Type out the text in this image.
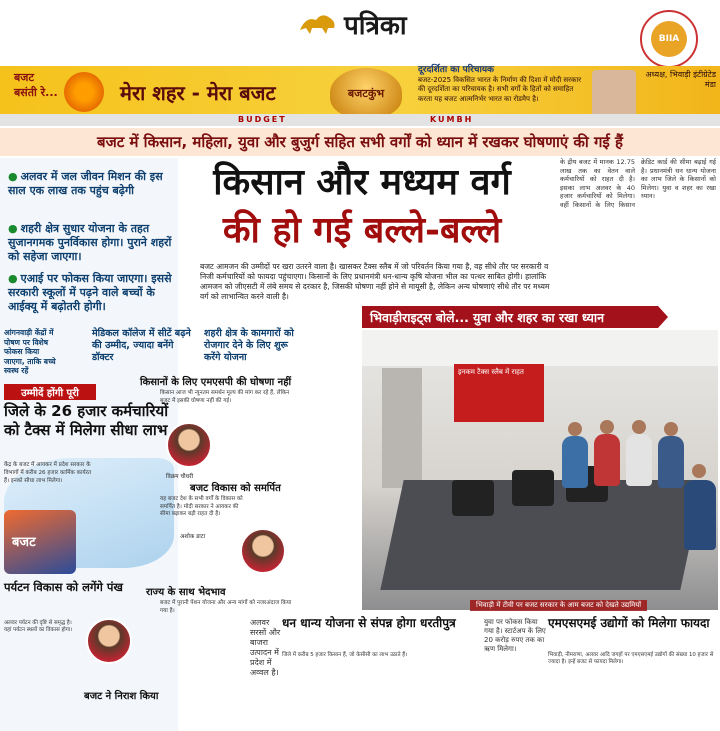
पत्रिका	BIIA
बजट
बसंती रे...	मेरा शहर - मेरा बजट	बजटकुंभ
दूरदर्शिता का परिचायक
बजट-2025 विकसित भारत के निर्माण की दिशा में मोदी सरकार की दूरदर्शिता का परिचायक है। सभी वर्गों के हितों को समाहित करता यह बजट आत्मनिर्भर भारत का रोडमैप है।
अध्यक्ष, भिवाड़ी इंटीग्रेटेड मंडा
BUDGET	KUMBH
बजट में किसान, महिला, युवा और बुजुर्ग सहित सभी वर्गों को ध्यान में रखकर घोषणाएं की गई हैं
● अलवर में जल जीवन मिशन की इस साल एक लाख तक पहुंच बढ़ेगी
● शहरी क्षेत्र सुधार योजना के तहत सुजानगमक पुनर्विकास होगा। पुराने शहरों को सहेजा जाएगा।
● एआई पर फोकस किया जाएगा। इससे सरकारी स्कूलों में पढ़ने वाले बच्चों के आईक्यू में बढ़ोतरी होगी।
किसान और मध्यम वर्ग
की हो गई बल्ले-बल्ले
बजट आमजन की उम्मीदों पर खरा उतरने वाला है। खासकर टैक्स स्लैब में जो परिवर्तन किया गया है, वह सीधे तौर पर सरकारी व निजी कर्मचारियों को फायदा पहुंचाएगा। किसानों के लिए प्रधानमंत्री धन-धान्य कृषि योजना भील का पत्थर साबित होगी। हालांकि आमजन को जीएसटी में लंबे समय से दरकार है, जिसकी घोषणा नहीं होने से मायूसी है, लेकिन अन्य घोषणाएं सीधे तौर पर मध्यम वर्ग को लाभान्वित करने वाली है।
के द्रीय बजट में मानक 12.75 लाख तक का वेतन वाले कर्मचारियों को राहत दी है। इसका लाभ अलवर के 40 हजार कर्मचारियों को मिलेगा। वहीं किसानों के लिए किसान क्रेडिट कार्ड की सीमा बढ़ाई गई है। प्रधानमंत्री धन धान्य योजना का लाभ जिले के किसानों को मिलेगा। युवा व शहर का रखा ध्यान।
भिवाड़ीराइट्स बोले... युवा और शहर का रखा ध्यान
आंगनवाड़ी केंद्रों में पोषण पर विशेष फोकस किया जाएगा, ताकि बच्चे स्वस्थ रहें
मेडिकल कॉलेज में सीटें बढ़ने की उम्मीद, ज्यादा बनेंगे डॉक्टर
शहरी क्षेत्र के कामगारों को रोजगार देने के लिए शुरू करेंगे योजना
उम्मीदें होंगी पूरी
जिले के 26 हजार कर्मचारियों को टैक्स में मिलेगा सीधा लाभ
केंद्र के बजट में आयकर में प्रदेश सरकार के विभागों में करीब 26 हजार कार्मिक कार्यरत हैं। इनको सीधा लाभ मिलेगा।
बजट
किसानों के लिए एमएसपी की घोषणा नहीं
किसान आज भी न्यूनतम समर्थन मूल्य की मांग कर रहे हैं, लेकिन बजट में इसकी घोषणा नहीं की गई।
विक्रम चौधरी
बजट विकास को समर्पित
यह बजट देश के सभी वर्गों के विकास को समर्पित है। मोदी सरकार ने आयकर की सीमा बढ़ाकर बड़ी राहत दी है।
अशोक डाटा
राज्य के साथ भेदभाव
बजट में पुरानी पेंशन योजना और अन्य मांगों को नजरअंदाज किया गया है।
इनकम टैक्स स्लैब में राहत
भिवाड़ी में टीवी पर बजट सरकार के आम बजट को देखते उद्यमियों
पर्यटन विकास को लगेंगे पंख
अलवर पर्यटन की दृष्टि से समृद्ध है। यहां पर्यटन स्थलों का विकास होगा।
बजट ने निराश किया
अलवर सरसों और बाजरा उत्पादन में प्रदेश में अव्वल है।
धन धान्य योजना से संपन्न होगा धरतीपुत्र
जिले में करीब 5 हजार किसान हैं, जो केसीसी का लाभ उठाते हैं।
युवा पर फोकस किया गया है। स्टार्टअप के लिए 20 करोड़ रुपए तक का ऋण मिलेगा।
एमएसएमई उद्योगों को मिलेगा फायदा
भिवाड़ी, नीमराणा, अलवर आदि जगहों पर एमएसएमई उद्योगों की संख्या 10 हजार से ज्यादा है। इन्हें बजट से फायदा मिलेगा।
